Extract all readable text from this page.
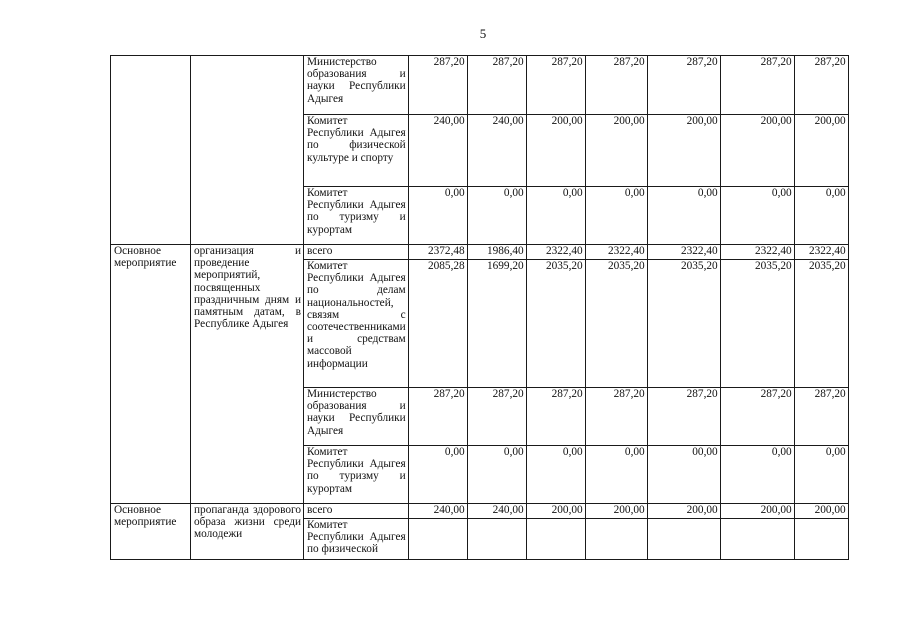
5
		Министерство образования и науки Республики Адыгея	287,20	287,20	287,20	287,20	287,20	287,20	287,20
		Комитет Республики Адыгея по физической культуре и спорту	240,00	240,00	200,00	200,00	200,00	200,00	200,00
		Комитет Республики Адыгея по туризму и курортам	0,00	0,00	0,00	0,00	0,00	0,00	0,00
Основное мероприятие	организация и проведение мероприятий, посвященных праздничным дням и памятным датам, в Республике Адыгея	всего	2372,48	1986,40	2322,40	2322,40	2322,40	2322,40	2322,40
		Комитет Республики Адыгея по делам национальностей, связям с соотечественниками и средствам массовой информации	2085,28	1699,20	2035,20	2035,20	2035,20	2035,20	2035,20
		Министерство образования и науки Республики Адыгея	287,20	287,20	287,20	287,20	287,20	287,20	287,20
		Комитет Республики Адыгея по туризму и курортам	0,00	0,00	0,00	0,00	00,00	0,00	0,00
Основное мероприятие	пропаганда здорового образа жизни среди молодежи	всего	240,00	240,00	200,00	200,00	200,00	200,00	200,00
		Комитет Республики Адыгея по физической							
